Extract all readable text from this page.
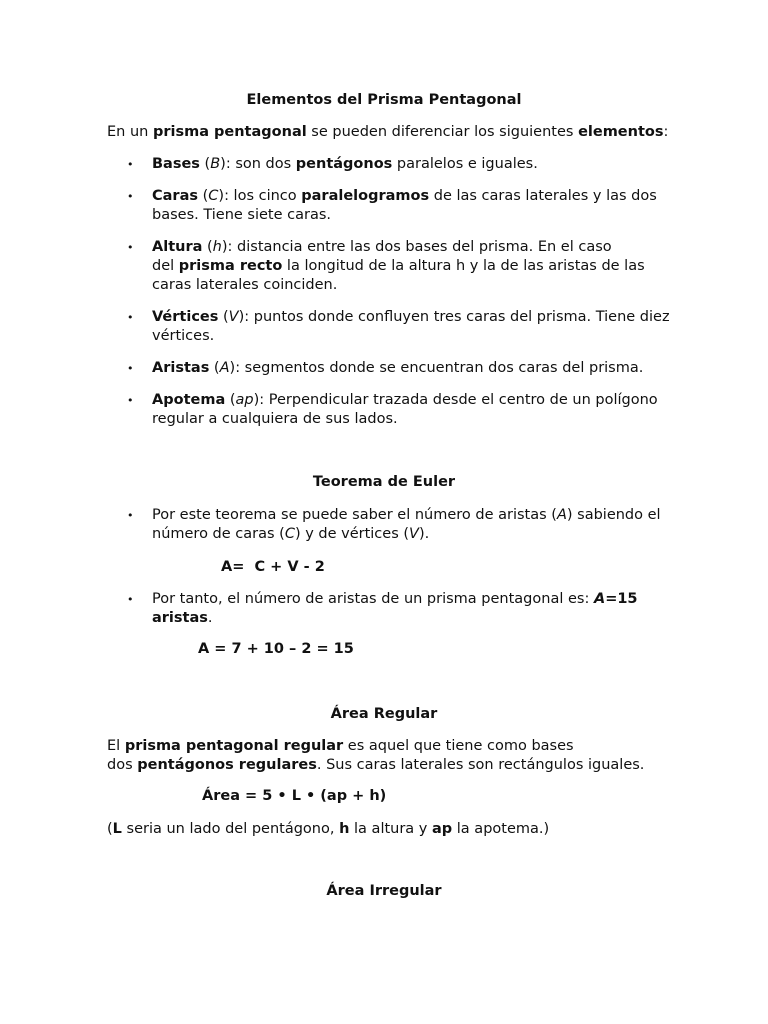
Elementos del Prisma Pentagonal
En un prisma pentagonal se pueden diferenciar los siguientes elementos:
•
Bases (B): son dos pentágonos paralelos e iguales.
•
Caras (C): los cinco paralelogramos de las caras laterales y las dos
bases. Tiene siete caras.
•
Altura (h): distancia entre las dos bases del prisma. En el caso
del prisma recto la longitud de la altura h y la de las aristas de las
caras laterales coinciden.
•
Vértices (V): puntos donde confluyen tres caras del prisma. Tiene diez
vértices.
•
Aristas (A): segmentos donde se encuentran dos caras del prisma.
•
Apotema (ap): Perpendicular trazada desde el centro de un polígono
regular a cualquiera de sus lados.
Teorema de Euler
•
Por este teorema se puede saber el número de aristas (A) sabiendo el
número de caras (C) y de vértices (V).
A=  C + V - 2
•
Por tanto, el número de aristas de un prisma pentagonal es: A=15
aristas.
A = 7 + 10 – 2 = 15
Área Regular
El prisma pentagonal regular es aquel que tiene como bases
dos pentágonos regulares. Sus caras laterales son rectángulos iguales.
Área = 5 • L • (ap + h)
(L seria un lado del pentágono, h la altura y ap la apotema.)
Área Irregular
